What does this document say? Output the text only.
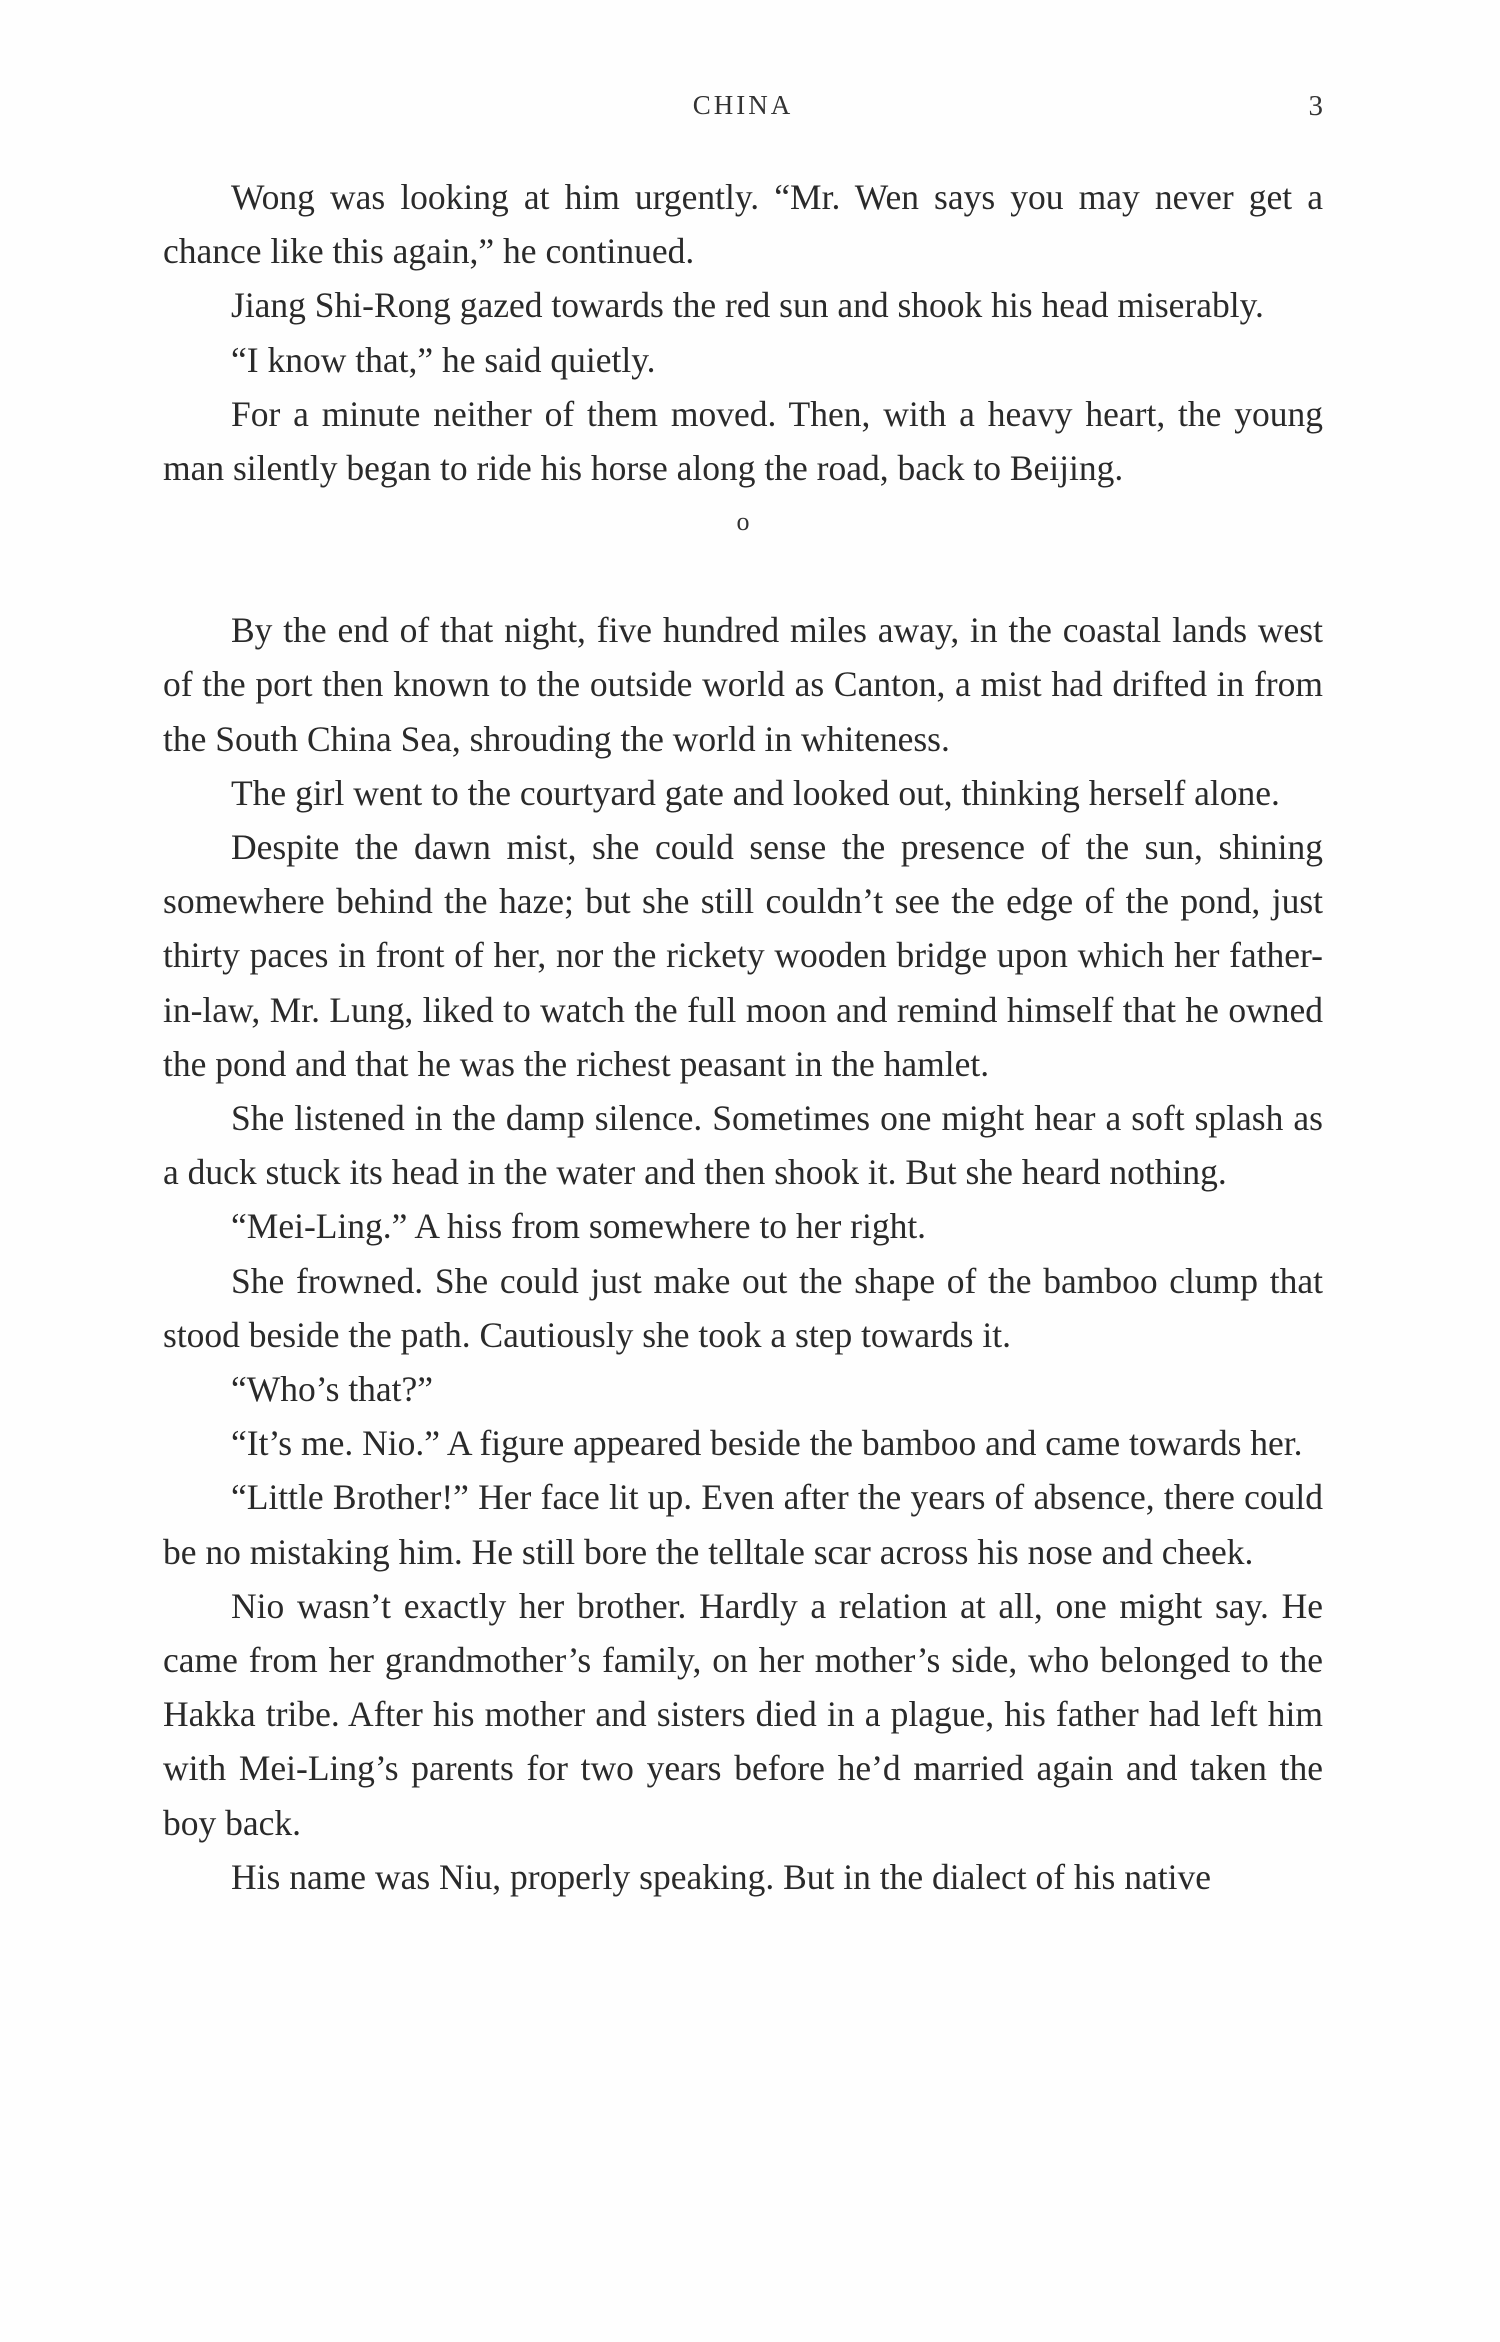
CHINA	3

Wong was looking at him urgently. “Mr. Wen says you may never get a chance like this again,” he continued.

Jiang Shi-Rong gazed towards the red sun and shook his head miserably.

“I know that,” he said quietly.

For a minute neither of them moved. Then, with a heavy heart, the young man silently began to ride his horse along the road, back to Beijing.

o

By the end of that night, five hundred miles away, in the coastal lands west of the port then known to the outside world as Canton, a mist had drifted in from the South China Sea, shrouding the world in whiteness.

The girl went to the courtyard gate and looked out, thinking herself alone.

Despite the dawn mist, she could sense the presence of the sun, shining somewhere behind the haze; but she still couldn’t see the edge of the pond, just thirty paces in front of her, nor the rickety wooden bridge upon which her father-in-law, Mr. Lung, liked to watch the full moon and remind himself that he owned the pond and that he was the richest peasant in the hamlet.

She listened in the damp silence. Sometimes one might hear a soft splash as a duck stuck its head in the water and then shook it. But she heard nothing.

“Mei-Ling.” A hiss from somewhere to her right.

She frowned. She could just make out the shape of the bamboo clump that stood beside the path. Cautiously she took a step towards it.

“Who’s that?”

“It’s me. Nio.” A figure appeared beside the bamboo and came towards her.

“Little Brother!” Her face lit up. Even after the years of absence, there could be no mistaking him. He still bore the telltale scar across his nose and cheek.

Nio wasn’t exactly her brother. Hardly a relation at all, one might say. He came from her grandmother’s family, on her mother’s side, who belonged to the Hakka tribe. After his mother and sisters died in a plague, his father had left him with Mei-Ling’s parents for two years before he’d married again and taken the boy back.

His name was Niu, properly speaking. But in the dialect of his native
